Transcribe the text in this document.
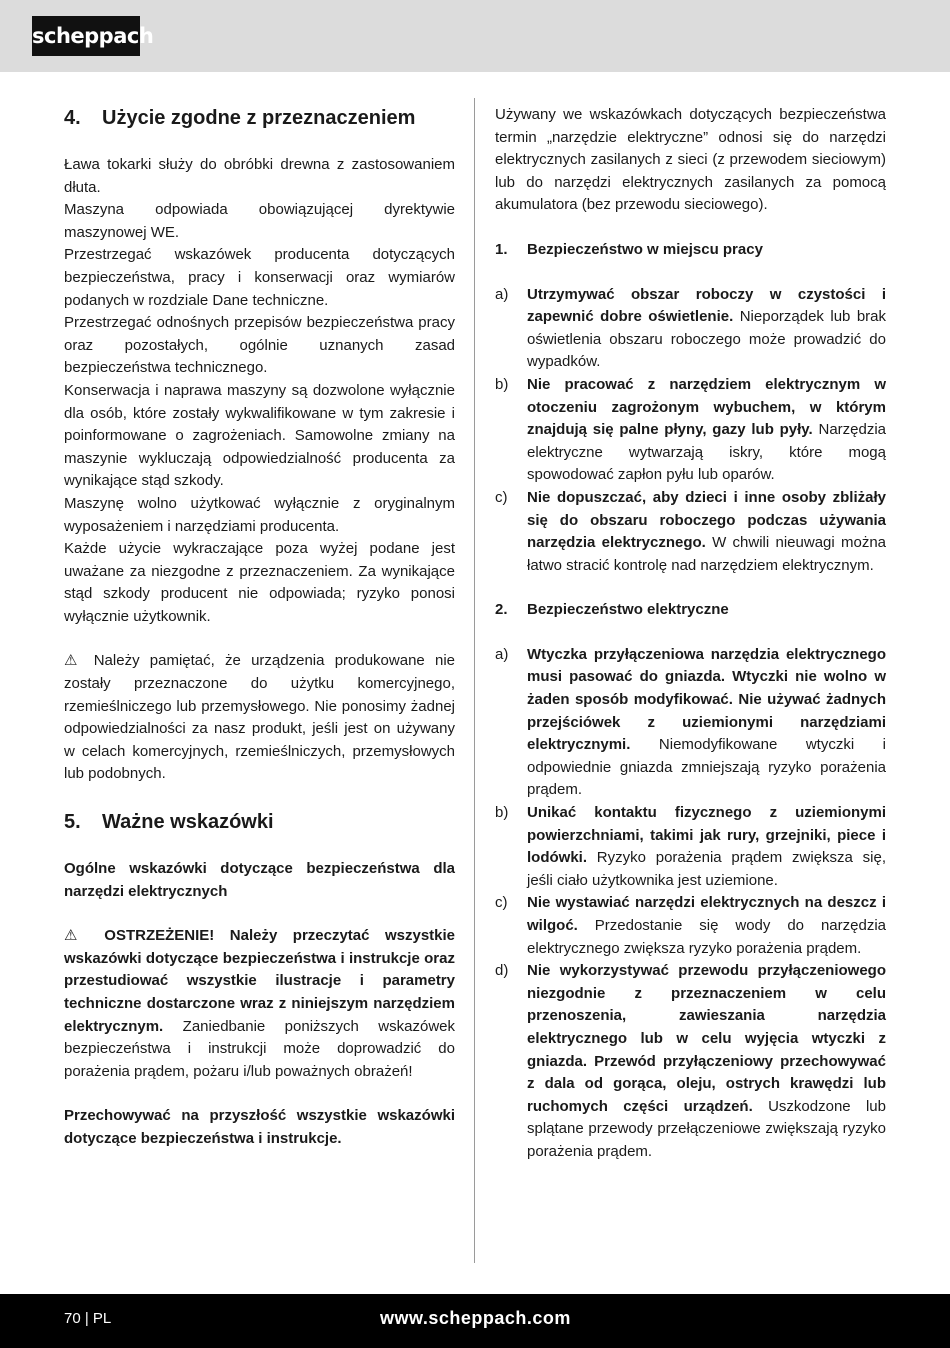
scheppach
4. Użycie zgodne z przeznaczeniem

Ława tokarki służy do obróbki drewna z zastosowaniem dłuta.

Maszyna odpowiada obowiązującej dyrektywie maszynowej WE.

Przestrzegać wskazówek producenta dotyczących bezpieczeństwa, pracy i konserwacji oraz wymiarów podanych w rozdziale Dane techniczne.

Przestrzegać odnośnych przepisów bezpieczeństwa pracy oraz pozostałych, ogólnie uznanych zasad bezpieczeństwa technicznego.

Konserwacja i naprawa maszyny są dozwolone wyłącznie dla osób, które zostały wykwalifikowane w tym zakresie i poinformowane o zagrożeniach. Samowolne zmiany na maszynie wykluczają odpowiedzialność producenta za wynikające stąd szkody.

Maszynę wolno użytkować wyłącznie z oryginalnym wyposażeniem i narzędziami producenta.

Każde użycie wykraczające poza wyżej podane jest uważane za niezgodne z przeznaczeniem. Za wynikające stąd szkody producent nie odpowiada; ryzyko ponosi wyłącznie użytkownik.

⚠ Należy pamiętać, że urządzenia produkowane nie zostały przeznaczone do użytku komercyjnego, rzemieślniczego lub przemysłowego. Nie ponosimy żadnej odpowiedzialności za nasz produkt, jeśli jest on używany w celach komercyjnych, rzemieślniczych, przemysłowych lub podobnych.

5. Ważne wskazówki

Ogólne wskazówki dotyczące bezpieczeństwa dla narzędzi elektrycznych

⚠ OSTRZEŻENIE! Należy przeczytać wszystkie wskazówki dotyczące bezpieczeństwa i instrukcje oraz przestudiować wszystkie ilustracje i parametry techniczne dostarczone wraz z niniejszym narzędziem elektrycznym. Zaniedbanie poniższych wskazówek bezpieczeństwa i instrukcji może doprowadzić do porażenia prądem, pożaru i/lub poważnych obrażeń!

Przechowywać na przyszłość wszystkie wskazówki dotyczące bezpieczeństwa i instrukcje.

Używany we wskazówkach dotyczących bezpieczeństwa termin „narzędzie elektryczne” odnosi się do narzędzi elektrycznych zasilanych z sieci (z przewodem sieciowym) lub do narzędzi elektrycznych zasilanych za pomocą akumulatora (bez przewodu sieciowego).

1.	Bezpieczeństwo w miejscu pracy
a)	Utrzymywać obszar roboczy w czystości i zapewnić dobre oświetlenie. Nieporządek lub brak oświetlenia obszaru roboczego może prowadzić do wypadków.
b)	Nie pracować z narzędziem elektrycznym w otoczeniu zagrożonym wybuchem, w którym znajdują się palne płyny, gazy lub pyły. Narzędzia elektryczne wytwarzają iskry, które mogą spowodować zapłon pyłu lub oparów.
c)	Nie dopuszczać, aby dzieci i inne osoby zbliżały się do obszaru roboczego podczas używania narzędzia elektrycznego. W chwili nieuwagi można łatwo stracić kontrolę nad narzędziem elektrycznym.
2.	Bezpieczeństwo elektryczne
a)	Wtyczka przyłączeniowa narzędzia elektrycznego musi pasować do gniazda. Wtyczki nie wolno w żaden sposób modyfikować. Nie używać żadnych przejściówek z uziemionymi narzędziami elektrycznymi. Niemodyfikowane wtyczki i odpowiednie gniazda zmniejszają ryzyko porażenia prądem.
b)	Unikać kontaktu fizycznego z uziemionymi powierzchniami, takimi jak rury, grzejniki, piece i lodówki. Ryzyko porażenia prądem zwiększa się, jeśli ciało użytkownika jest uziemione.
c)	Nie wystawiać narzędzi elektrycznych na deszcz i wilgoć. Przedostanie się wody do narzędzia elektrycznego zwiększa ryzyko porażenia prądem.
d)	Nie wykorzystywać przewodu przyłączeniowego niezgodnie z przeznaczeniem w celu przenoszenia, zawieszania narzędzia elektrycznego lub w celu wyjęcia wtyczki z gniazda. Przewód przyłączeniowy przechowywać z dala od gorąca, oleju, ostrych krawędzi lub ruchomych części urządzeń. Uszkodzone lub splątane przewody przełączeniowe zwiększają ryzyko porażenia prądem.
70 | PL	www.scheppach.com
